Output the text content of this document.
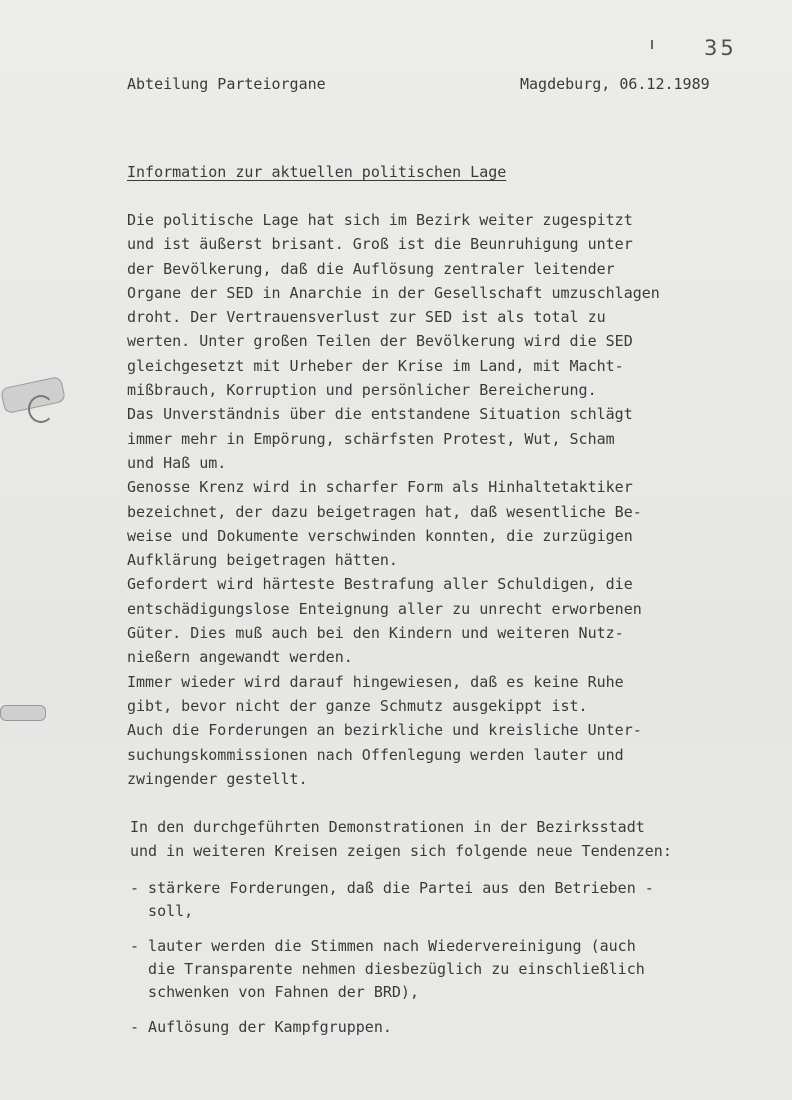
35
Abteilung Parteiorgane	Magdeburg, 06.12.1989
Information zur aktuellen politischen Lage
Die politische Lage hat sich im Bezirk weiter zugespitzt
und ist äußerst brisant. Groß ist die Beunruhigung unter
der Bevölkerung, daß die Auflösung zentraler leitender
Organe der SED in Anarchie in der Gesellschaft umzuschlagen
droht. Der Vertrauensverlust zur SED ist als total zu
werten. Unter großen Teilen der Bevölkerung wird die SED
gleichgesetzt mit Urheber der Krise im Land, mit Macht-
mißbrauch, Korruption und persönlicher Bereicherung.
Das Unverständnis über die entstandene Situation schlägt
immer mehr in Empörung, schärfsten Protest, Wut, Scham
und Haß um.
Genosse Krenz wird in scharfer Form als Hinhaltetaktiker
bezeichnet, der dazu beigetragen hat, daß wesentliche Be-
weise und Dokumente verschwinden konnten, die zurzügigen
Aufklärung beigetragen hätten.
Gefordert wird härteste Bestrafung aller Schuldigen, die
entschädigungslose Enteignung aller zu unrecht erworbenen
Güter. Dies muß auch bei den Kindern und weiteren Nutz-
nießern angewandt werden.
Immer wieder wird darauf hingewiesen, daß es keine Ruhe
gibt, bevor nicht der ganze Schmutz ausgekippt ist.
Auch die Forderungen an bezirkliche und kreisliche Unter-
suchungskommissionen nach Offenlegung werden lauter und
zwingender gestellt.
In den durchgeführten Demonstrationen in der Bezirksstadt
und in weiteren Kreisen zeigen sich folgende neue Tendenzen:
- stärkere Forderungen, daß die Partei aus den Betrieben -
soll,
- lauter werden die Stimmen nach Wiedervereinigung (auch
die Transparente nehmen diesbezüglich zu einschließlich
schwenken von Fahnen der BRD),
- Auflösung der Kampfgruppen.
